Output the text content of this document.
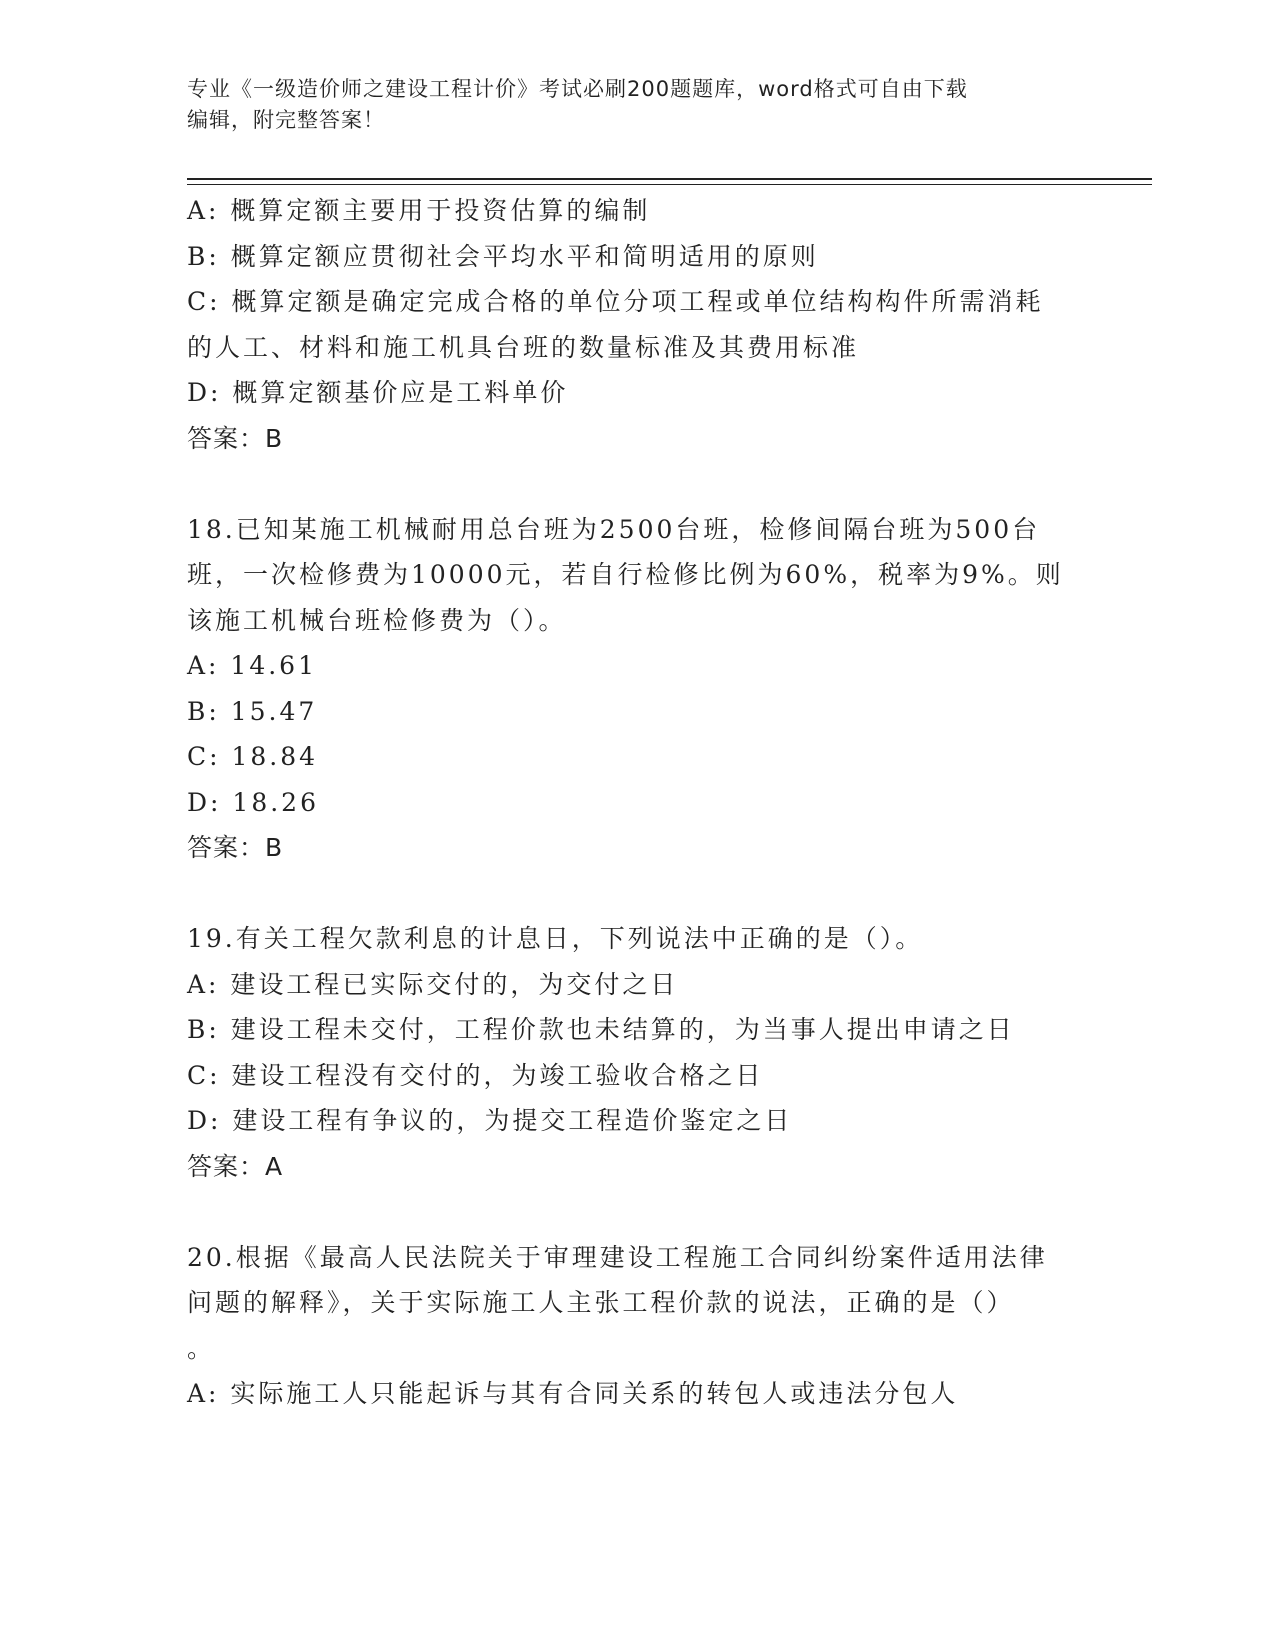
专业《一级造价师之建设工程计价》考试必刷200题题库，word格式可自由下载
编辑，附完整答案！
A: 概算定额主要用于投资估算的编制
B: 概算定额应贯彻社会平均水平和简明适用的原则
C: 概算定额是确定完成合格的单位分项工程或单位结构构件所需消耗
的人工、材料和施工机具台班的数量标准及其费用标准
D: 概算定额基价应是工料单价
答案：B
18.已知某施工机械耐用总台班为2500台班，检修间隔台班为500台
班，一次检修费为10000元，若自行检修比例为60%，税率为9%。则
该施工机械台班检修费为（）。
A: 14.61
B: 15.47
C: 18.84
D: 18.26
答案：B
19.有关工程欠款利息的计息日，下列说法中正确的是（）。
A: 建设工程已实际交付的，为交付之日
B: 建设工程未交付，工程价款也未结算的，为当事人提出申请之日
C: 建设工程没有交付的，为竣工验收合格之日
D: 建设工程有争议的，为提交工程造价鉴定之日
答案：A
20.根据《最高人民法院关于审理建设工程施工合同纠纷案件适用法律
问题的解释》，关于实际施工人主张工程价款的说法，正确的是（）
。
A: 实际施工人只能起诉与其有合同关系的转包人或违法分包人
